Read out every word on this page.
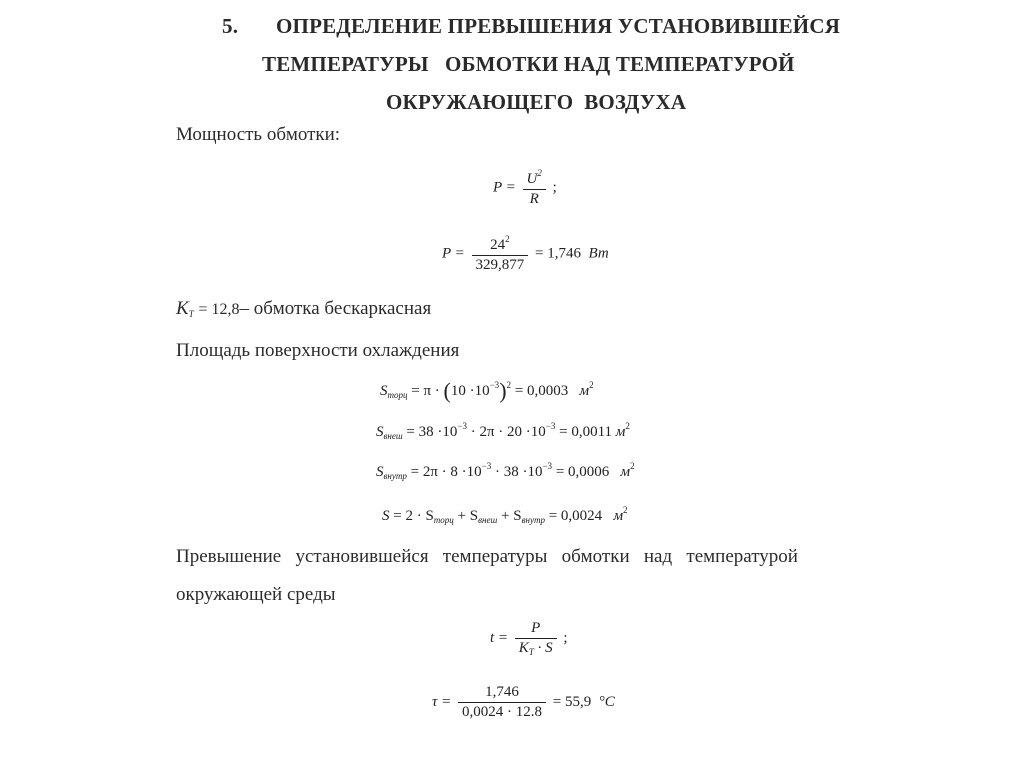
5. ОПРЕДЕЛЕНИЕ ПРЕВЫШЕНИЯ УСТАНОВИВШЕЙСЯ
ТЕМПЕРАТУРЫ   ОБМОТКИ НАД ТЕМПЕРАТУРОЙ
ОКРУЖАЮЩЕГО  ВОЗДУХА
Мощность обмотки:
$P = \frac{U^2}{R}$ ;
$P = \frac{24^2}{329,877} = 1,746$ Вт
$K_T = 12,8-$ обмотка бескаркасная
Площадь поверхности охлаждения
$S_{торц} = \pi \cdot (10 \cdot 10^{-3})^2 = 0,0003$ $м^2$
$S_{внеш} = 38 \cdot 10^{-3} \cdot 2\pi \cdot 20 \cdot 10^{-3} = 0,0011$ $м^2$
$S_{внутр} = 2\pi \cdot 8 \cdot 10^{-3} \cdot 38 \cdot 10^{-3} = 0,0006$ $м^2$
$S = 2 \cdot S_{торц} + S_{внеш} + S_{внутр} = 0,0024$ $м^2$
Превышение   установившейся   температуры   обмотки   над   температурой
окружающей среды
$t = \frac{P}{K_T \cdot S}$ ;
$\tau = \frac{1,746}{0,0024 \cdot 12.8} = 55,9$ °C
